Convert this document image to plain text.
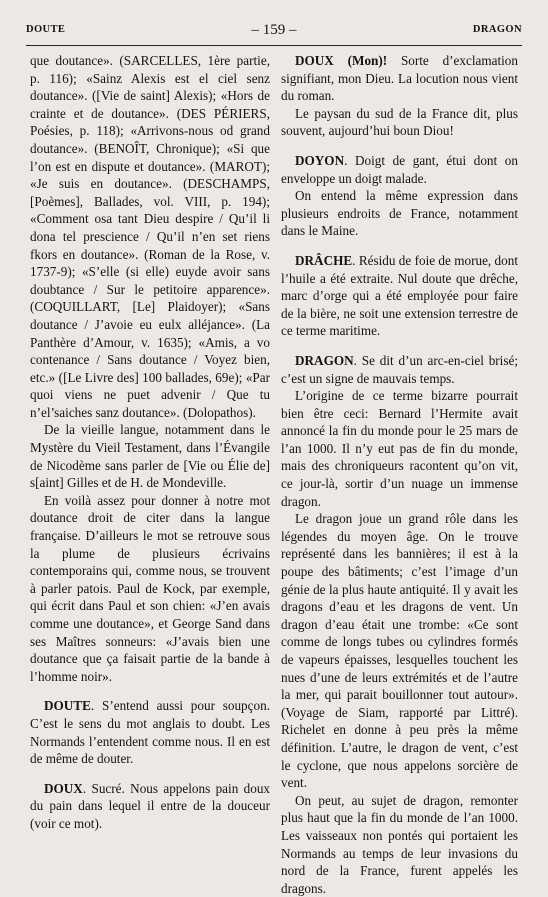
DOUTE	– 159 –	DRAGON

que doutance». (SARCELLES, 1ère partie, p. 116); «Sainz Alexis est el ciel senz doutance». ([Vie de saint] Alexis); «Hors de crainte et de doutance». (DES PÉRIERS, Poésies, p. 118); «Arrivons-nous od grand doutance». (BENOÎT, Chronique); «Si que l’on est en dispute et doutance». (MAROT); «Je suis en doutance». (DESCHAMPS, [Poèmes], Ballades, vol. VIII, p. 194); «Comment osa tant Dieu despire / Qu’il li dona tel prescience / Qu’il n’en set riens fkors en doutance». (Roman de la Rose, v. 1737-9); «S’elle (si elle) euyde avoir sans doubtance / Sur le petitoire apparence». (COQUILLART, [Le] Plaidoyer); «Sans doutance / J’avoie eu eulx alléjance». (La Panthère d’Amour, v. 1635); «Amis, a vo contenance / Sans doutance / Voyez bien, etc.» ([Le Livre des] 100 ballades, 69e); «Par quoi viens ne puet advenir / Que tu n’el’saiches sanz doutance». (Dolopathos).

De la vieille langue, notamment dans le Mystère du Vieil Testament, dans l’Évangile de Nicodème sans parler de [Vie ou Élie de] s[aint] Gilles et de H. de Mondeville.

En voilà assez pour donner à notre mot doutance droit de citer dans la langue française. D’ailleurs le mot se retrouve sous la plume de plusieurs écrivains contemporains qui, comme nous, se trouvent à parler patois. Paul de Kock, par exemple, qui écrit dans Paul et son chien: «J’en avais comme une doutance», et George Sand dans ses Maîtres sonneurs: «J’avais bien une doutance que ça faisait partie de la bande à l’homme noir».

DOUTE. S’entend aussi pour soupçon. C’est le sens du mot anglais to doubt. Les Normands l’entendent comme nous. Il en est de même de douter.

DOUX. Sucré. Nous appelons pain doux du pain dans lequel il entre de la douceur (voir ce mot).

DOUX (Mon)! Sorte d’exclamation signifiant, mon Dieu. La locution nous vient du roman.

Le paysan du sud de la France dit, plus souvent, aujourd’hui boun Diou!

DOYON. Doigt de gant, étui dont on enveloppe un doigt malade.

On entend la même expression dans plusieurs endroits de France, notamment dans le Maine.

DRÂCHE. Résidu de foie de morue, dont l’huile a été extraite. Nul doute que drêche, marc d’orge qui a été employée pour faire de la bière, ne soit une extension terrestre de ce terme maritime.

DRAGON. Se dit d’un arc-en-ciel brisé; c’est un signe de mauvais temps.

L’origine de ce terme bizarre pourrait bien être ceci: Bernard l’Hermite avait annoncé la fin du monde pour le 25 mars de l’an 1000. Il n’y eut pas de fin du monde, mais des chroniqueurs racontent qu’on vit, ce jour-là, sortir d’un nuage un immense dragon.

Le dragon joue un grand rôle dans les légendes du moyen âge. On le trouve représenté dans les bannières; il est à la poupe des bâtiments; c’est l’image d’un génie de la plus haute antiquité. Il y avait les dragons d’eau et les dragons de vent. Un dragon d’eau était une trombe: «Ce sont comme de longs tubes ou cylindres formés de vapeurs épaisses, lesquelles touchent les nues d’une de leurs extrémités et de l’autre la mer, qui parait bouillonner tout autour». (Voyage de Siam, rapporté par Littré). Richelet en donne à peu près la même définition. L’autre, le dragon de vent, c’est le cyclone, que nous appelons sorcière de vent.

On peut, au sujet de dragon, remonter plus haut que la fin du monde de l’an 1000. Les vaisseaux non pontés qui portaient les Normands au temps de leur invasions du nord de la France, furent appelés les dragons.
